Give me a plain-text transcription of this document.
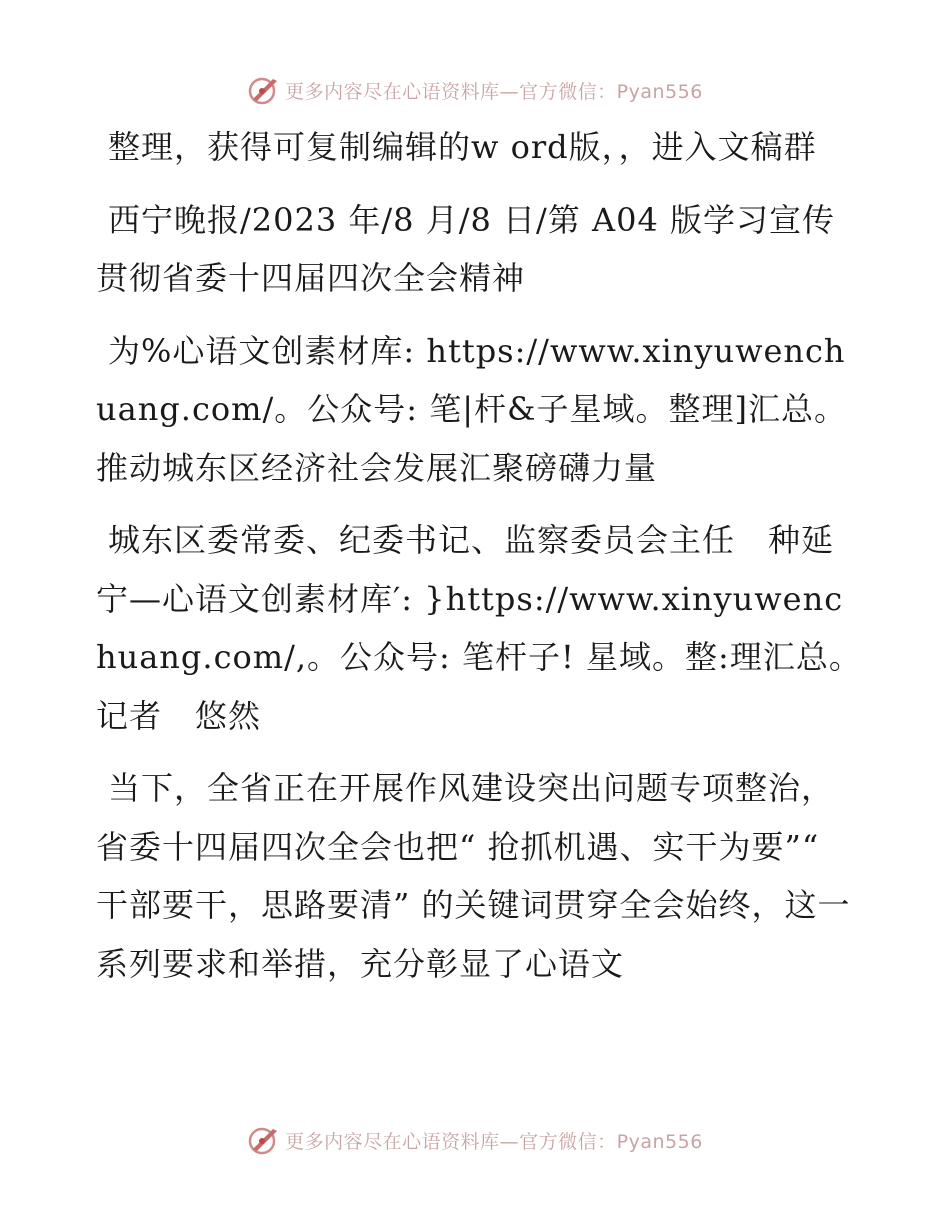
更多内容尽在心语资料库—官方微信：Pyan556

整理，获得可复制编辑的w ord版，，进入文稿群

西宁晚报/2023 年/8 月/8 日/第 A04 版学习宣传贯彻省委十四届四次全会精神

为%心语文创素材库: https://www.xinyuwenchuang.com/。公众号: 笔|杆&子星域。整理]汇总。推动城东区经济社会发展汇聚磅礴力量

城东区委常委、纪委书记、监察委员会主任　种延宁—心语文创素材库′: }https://www.xinyuwenchuang.com/,。公众号: 笔杆子! 星域。整:理汇总。　记者　悠然

当下，全省正在开展作风建设突出问题专项整治，省委十四届四次全会也把“ 抢抓机遇、实干为要”“ 干部要干，思路要清” 的关键词贯穿全会始终，这一系列要求和举措，充分彰显了心语文

更多内容尽在心语资料库—官方微信：Pyan556
